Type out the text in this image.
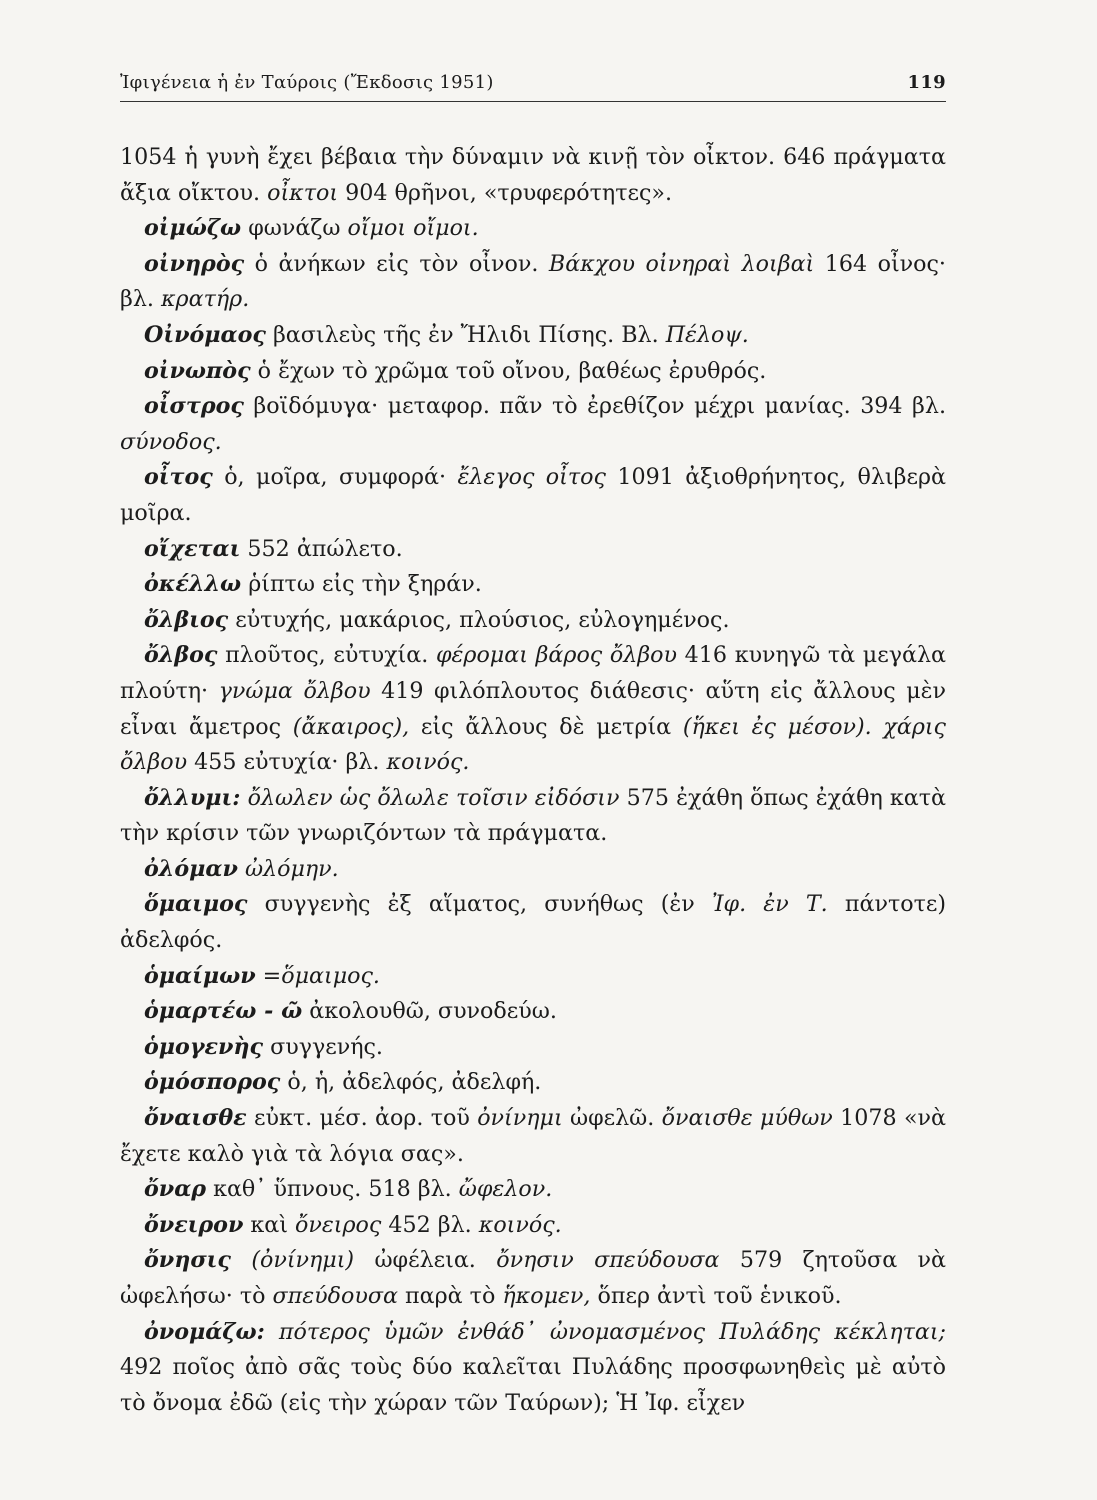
Ἰφιγένεια ἡ ἐν Ταύροις (Ἔκδοσις 1951)	119

1054 ἡ γυνὴ ἔχει βέβαια τὴν δύναμιν νὰ κινῇ τὸν οἶκτον. 646 πράγματα ἄξια οἴκτου. οἶκτοι 904 θρῆνοι, «τρυφερότητες».

οἰμώζω φωνάζω οἴμοι οἴμοι.

οἰνηρὸς ὁ ἀνήκων εἰς τὸν οἶνον. Βάκχου οἰνηραὶ λοιβαὶ 164 οἶνος· βλ. κρατήρ.

Οἰνόμαος βασιλεὺς τῆς ἐν Ἤλιδι Πίσης. Βλ. Πέλοψ.

οἰνωπὸς ὁ ἔχων τὸ χρῶμα τοῦ οἴνου, βαθέως ἐρυθρός.

οἶστρος βοϊδόμυγα· μεταφορ. πᾶν τὸ ἐρεθίζον μέχρι μανίας. 394 βλ. σύνοδος.

οἶτος ὁ, μοῖρα, συμφορά· ἔλεγος οἶτος 1091 ἀξιοθρήνητος, θλιβερὰ μοῖρα.

οἴχεται 552 ἀπώλετο.

ὀκέλλω ῥίπτω εἰς τὴν ξηράν.

ὄλβιος εὐτυχής, μακάριος, πλούσιος, εὐλογημένος.

ὄλβος πλοῦτος, εὐτυχία. φέρομαι βάρος ὄλβου 416 κυνηγῶ τὰ μεγάλα πλούτη· γνώμα ὄλβου 419 φιλόπλουτος διάθεσις· αὕτη εἰς ἄλλους μὲν εἶναι ἄμετρος (ἄκαιρος), εἰς ἄλλους δὲ μετρία (ἥκει ἐς μέσον). χάρις ὄλβου 455 εὐτυχία· βλ. κοινός.

ὄλλυμι: ὄλωλεν ὡς ὄλωλε τοῖσιν εἰδόσιν 575 ἐχάθη ὅπως ἐχάθη κατὰ τὴν κρίσιν τῶν γνωριζόντων τὰ πράγματα.

ὀλόμαν ὠλόμην.

ὅμαιμος συγγενὴς ἐξ αἵματος, συνήθως (ἐν Ἰφ. ἐν Τ. πάντοτε) ἀδελφός.

ὁμαίμων =ὅμαιμος.

ὁμαρτέω - ῶ ἀκολουθῶ, συνοδεύω.

ὁμογενὴς συγγενής.

ὁμόσπορος ὁ, ἡ, ἀδελφός, ἀδελφή.

ὄναισθε εὐκτ. μέσ. ἀορ. τοῦ ὀνίνημι ὠφελῶ. ὄναισθε μύθων 1078 «νὰ ἔχετε καλὸ γιὰ τὰ λόγια σας».

ὄναρ καθ᾽ ὕπνους. 518 βλ. ὤφελον.

ὄνειρον καὶ ὄνειρος 452 βλ. κοινός.

ὄνησις (ὀνίνημι) ὠφέλεια. ὄνησιν σπεύδουσα 579 ζητοῦσα νὰ ὠφελήσω· τὸ σπεύδουσα παρὰ τὸ ἥκομεν, ὅπερ ἀντὶ τοῦ ἑνικοῦ.

ὀνομάζω: πότερος ὑμῶν ἐνθάδ᾽ ὠνομασμένος Πυλάδης κέκληται; 492 ποῖος ἀπὸ σᾶς τοὺς δύο καλεῖται Πυλάδης προσφωνηθεὶς μὲ αὐτὸ τὸ ὄνομα ἐδῶ (εἰς τὴν χώραν τῶν Ταύρων); Ἡ Ἰφ. εἶχεν
